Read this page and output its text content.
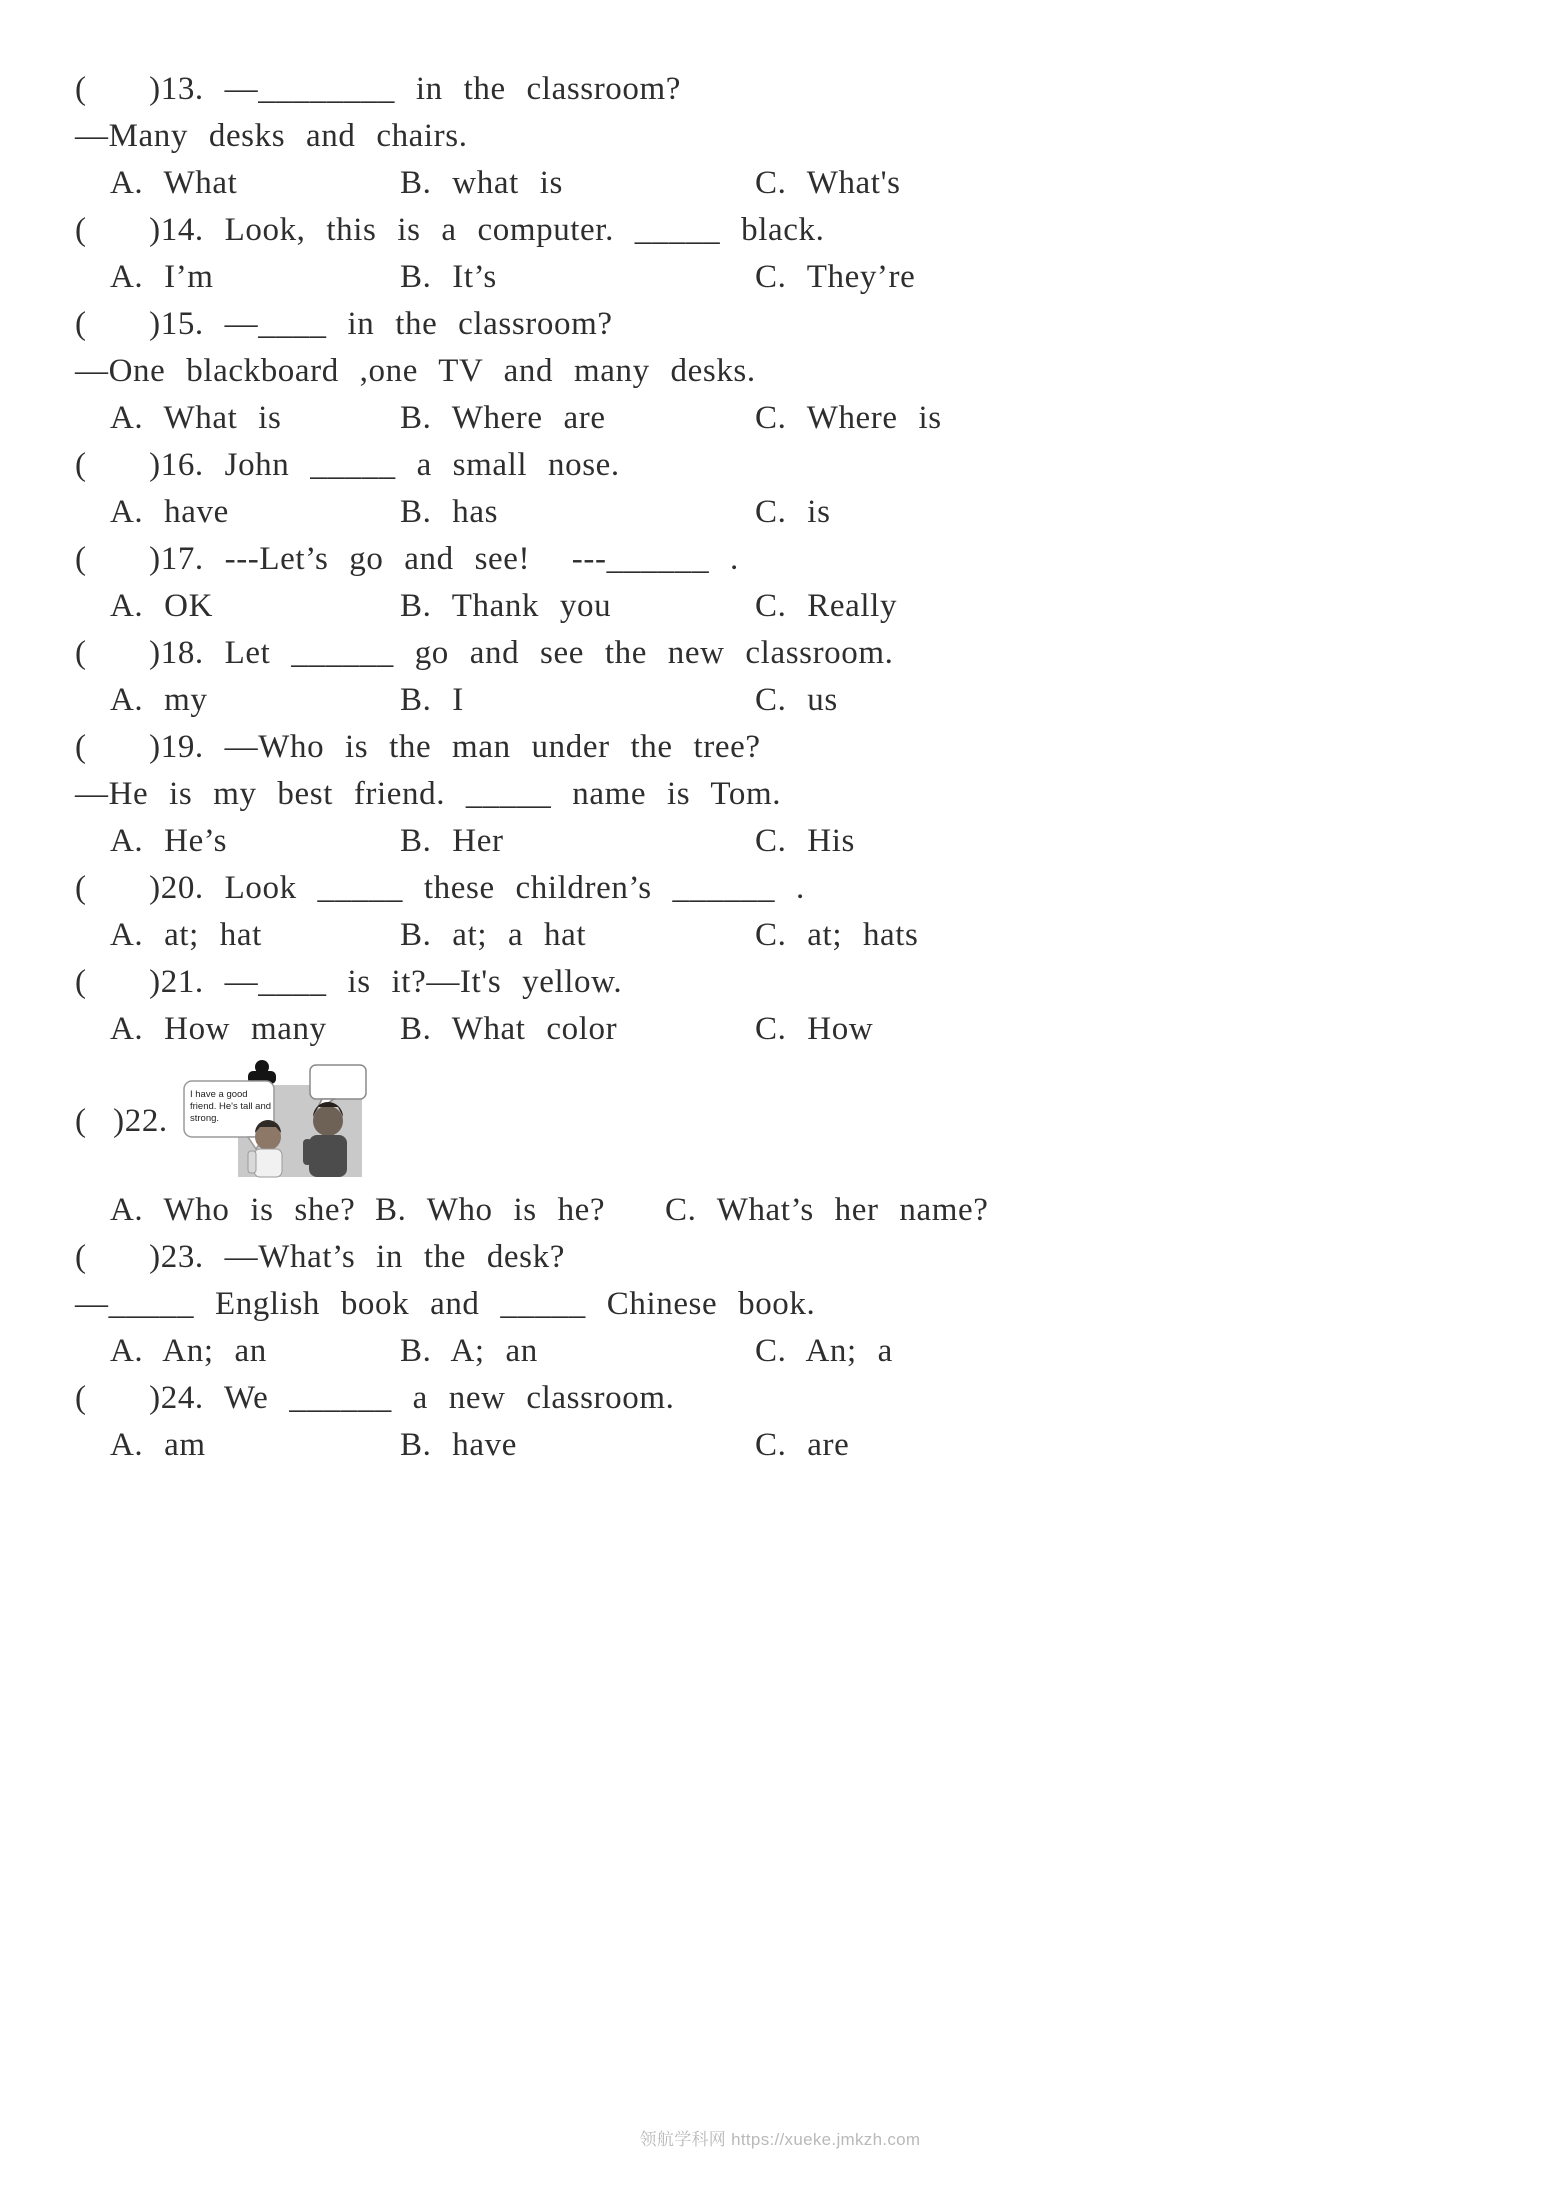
(   )13. —________ in the classroom?
—Many desks and chairs.
A. What	B. what is	C. What's
(   )14. Look, this is a computer. _____ black.
A. I’m	B. It’s	C. They’re
(   )15. —____ in the classroom?
—One blackboard ,one TV and many desks.
A. What is	B. Where are	C. Where is
(   )16. John _____ a small nose.
A. have	B. has	C. is
(   )17. ---Let’s go and see!  ---______ .
A. OK	B. Thank you	C. Really
(   )18. Let ______ go and see the new classroom.
A. my	B. I	C. us
(   )19. —Who is the man under the tree?
—He is my best friend. _____ name is Tom.
A. He’s	B. Her	C. His
(   )20. Look _____ these children’s ______ .
A. at; hat	B. at; a hat	C. at; hats
(   )21. —____ is it?—It's yellow.
A. How many	B. What color	C. How
(   )22.
I have a good
friend. He's tall and
strong.
A. Who is she? B. Who is he?	C. What’s her name?
(   )23. —What’s in the desk?
—_____ English book and _____ Chinese book.
A. An; an	B. A; an	C. An; a
(   )24. We ______ a new classroom.
A. am	B. have	C. are
领航学科网 https://xueke.jmkzh.com
